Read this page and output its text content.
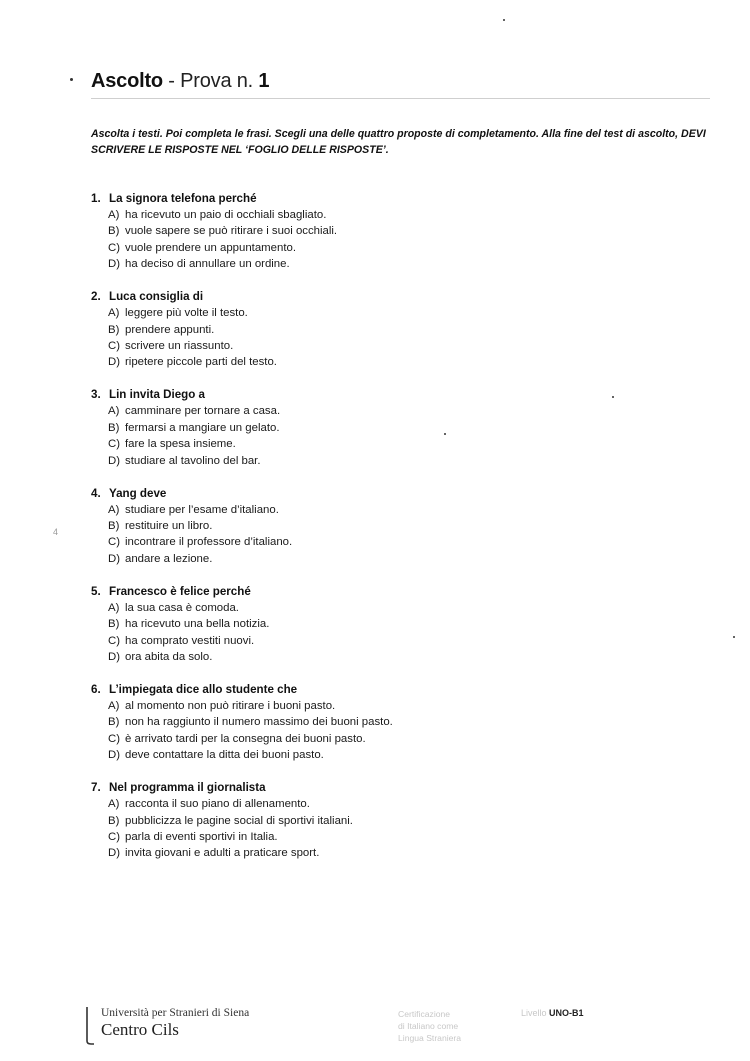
Ascolto - Prova n. 1
Ascolta i testi. Poi completa le frasi. Scegli una delle quattro proposte di completamento. Alla fine del test di ascolto, DEVI SCRIVERE LE RISPOSTE NEL ‘FOGLIO DELLE RISPOSTE’.
1. La signora telefona perché
A) ha ricevuto un paio di occhiali sbagliato.
B) vuole sapere se può ritirare i suoi occhiali.
C) vuole prendere un appuntamento.
D) ha deciso di annullare un ordine.
2. Luca consiglia di
A) leggere più volte il testo.
B) prendere appunti.
C) scrivere un riassunto.
D) ripetere piccole parti del testo.
3. Lin invita Diego a
A) camminare per tornare a casa.
B) fermarsi a mangiare un gelato.
C) fare la spesa insieme.
D) studiare al tavolino del bar.
4. Yang deve
A) studiare per l’esame d’italiano.
B) restituire un libro.
C) incontrare il professore d’italiano.
D) andare a lezione.
5. Francesco è felice perché
A) la sua casa è comoda.
B) ha ricevuto una bella notizia.
C) ha comprato vestiti nuovi.
D) ora abita da solo.
6. L’impiegata dice allo studente che
A) al momento non può ritirare i buoni pasto.
B) non ha raggiunto il numero massimo dei buoni pasto.
C) è arrivato tardi per la consegna dei buoni pasto.
D) deve contattare la ditta dei buoni pasto.
7. Nel programma il giornalista
A) racconta il suo piano di allenamento.
B) pubblicizza le pagine social di sportivi italiani.
C) parla di eventi sportivi in Italia.
D) invita giovani e adulti a praticare sport.
4
Università per Stranieri di Siena
Centro Cils
Certificazione
di Italiano come
Lingua Straniera
Livello UNO-B1
